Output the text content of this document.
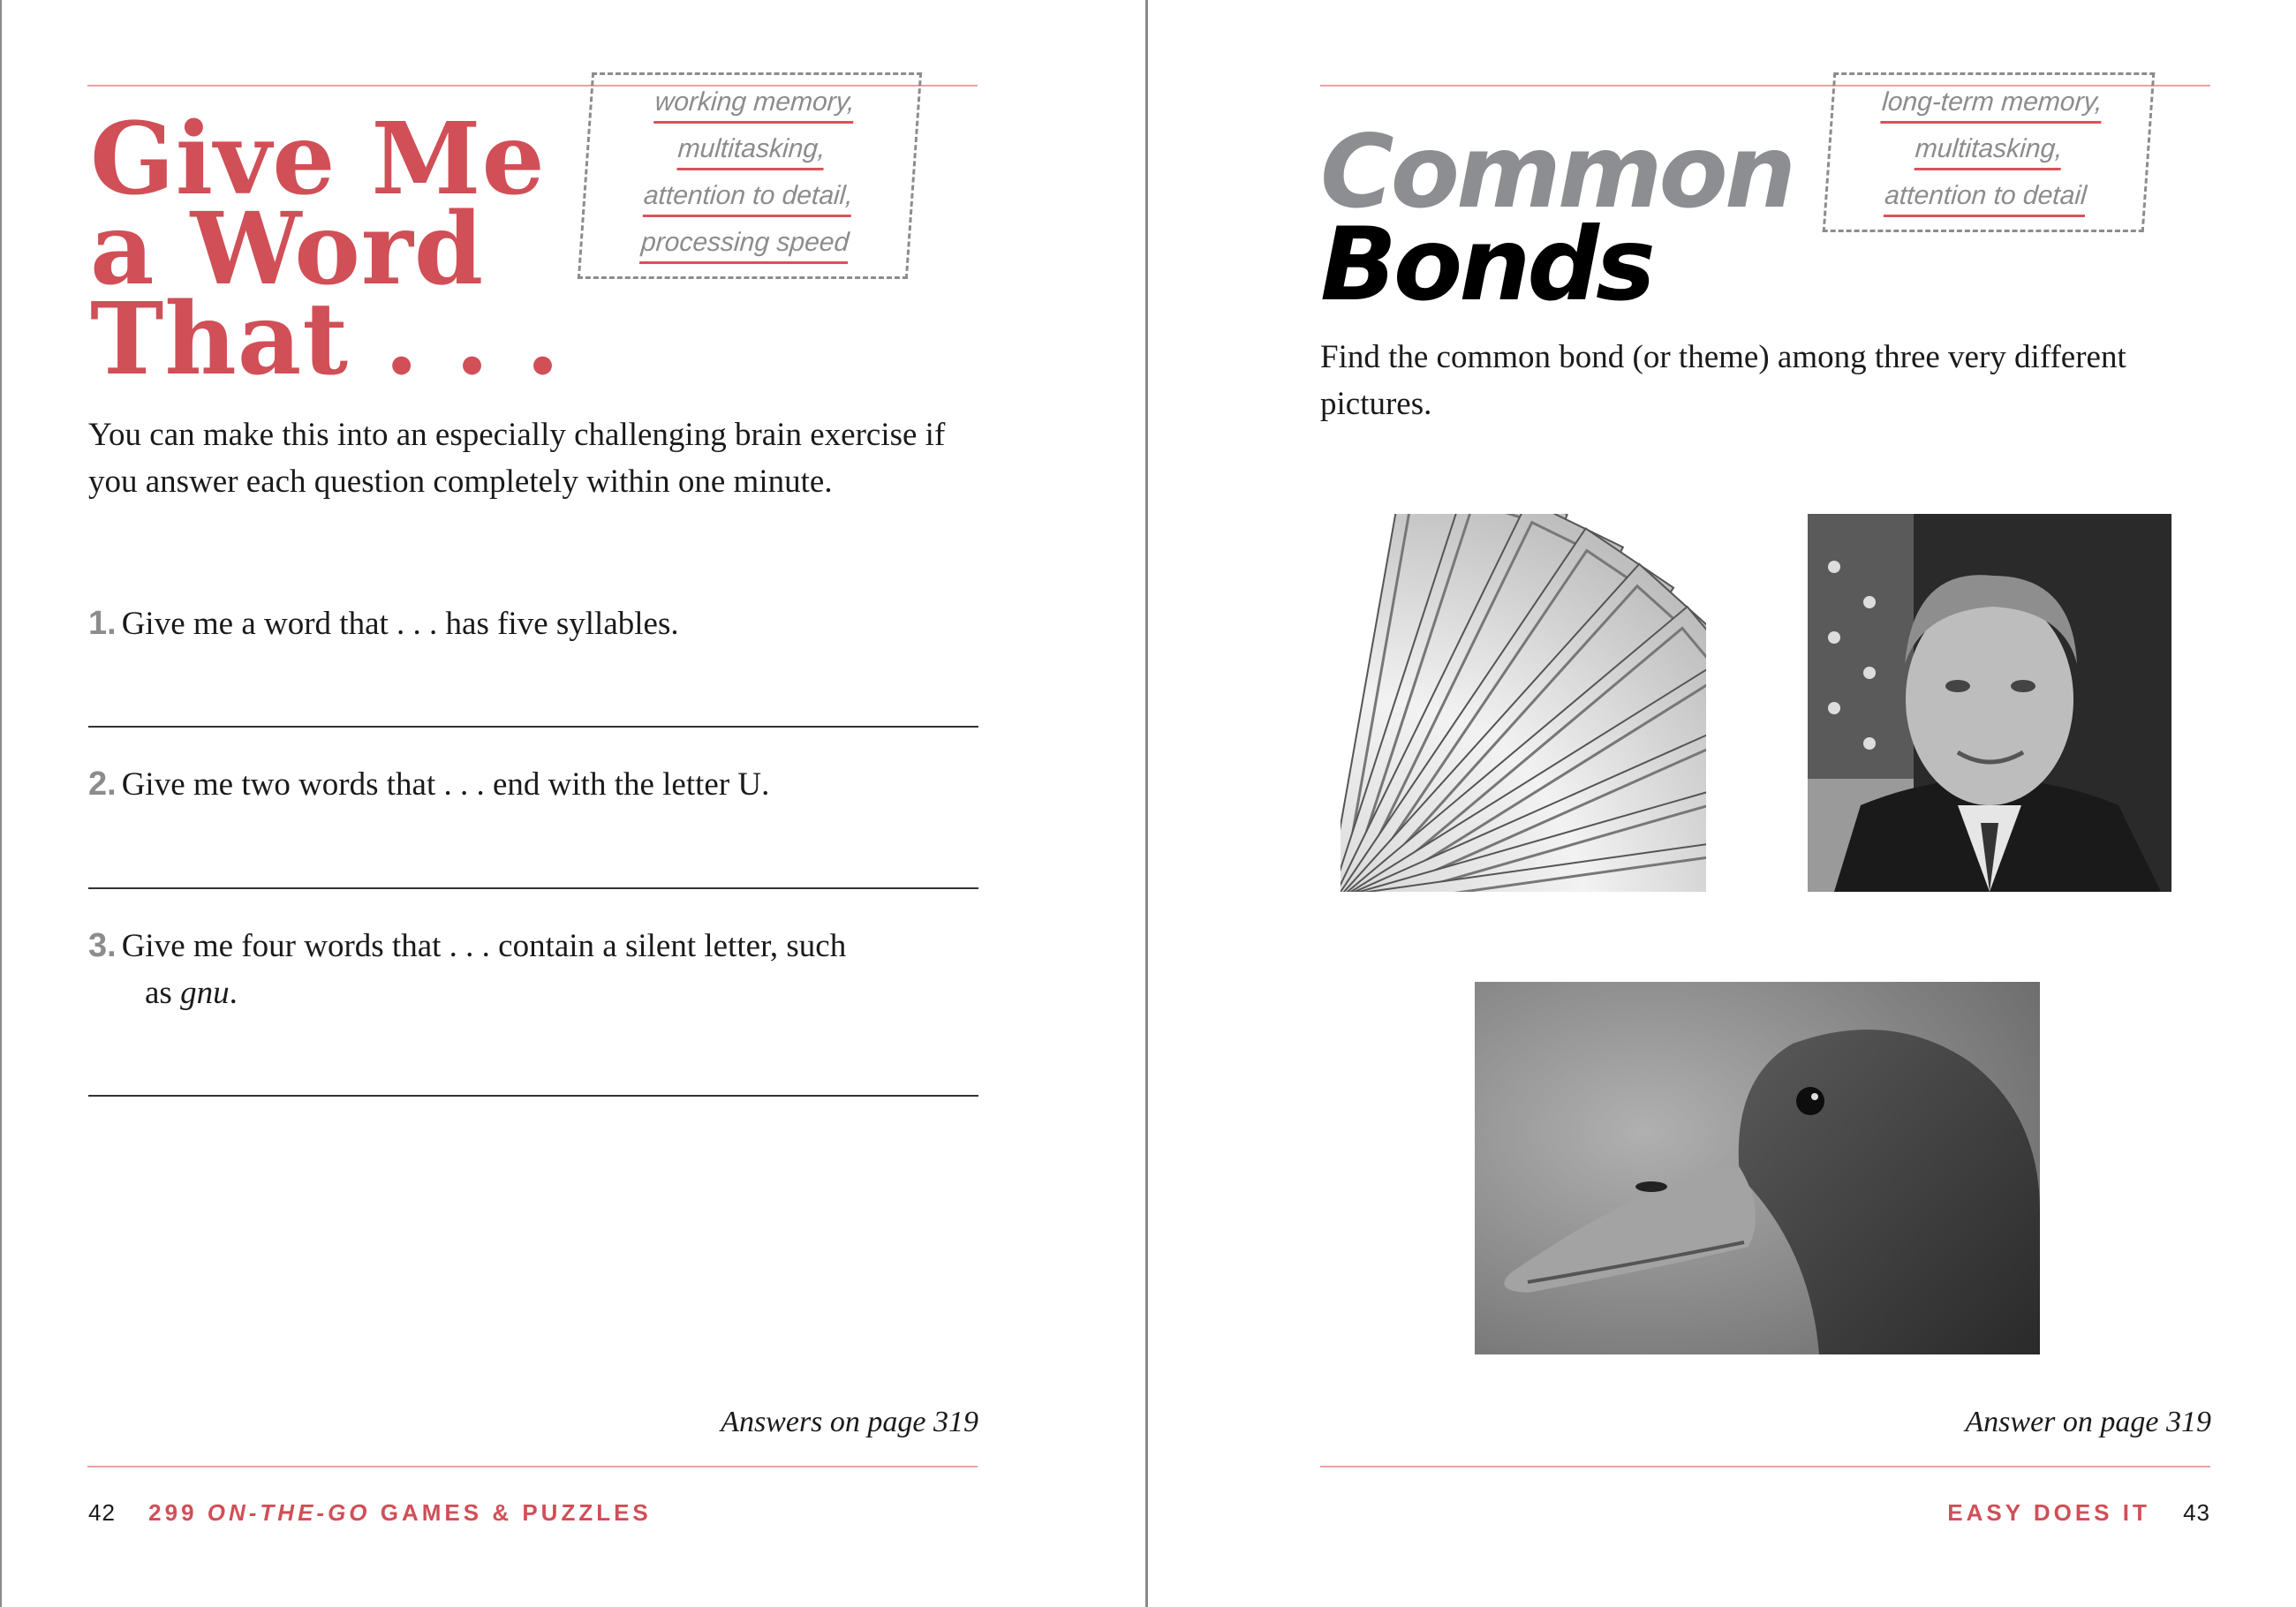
working memory,
multitasking,
attention to detail,
processing speed
Give Me
a Word
That . . .
You can make this into an especially challenging brain exercise if you answer each question completely within one minute.
1. Give me a word that . . . has five syllables.
2. Give me two words that . . . end with the letter U.
3. Give me four words that . . . contain a silent letter, such
as gnu.
Answers on page 319
42 299 ON-THE-GO GAMES & PUZZLES
long-term memory,
multitasking,
attention to detail
Common
Bonds
Find the common bond (or theme) among three very different pictures.
Answer on page 319
EASY DOES IT 43
